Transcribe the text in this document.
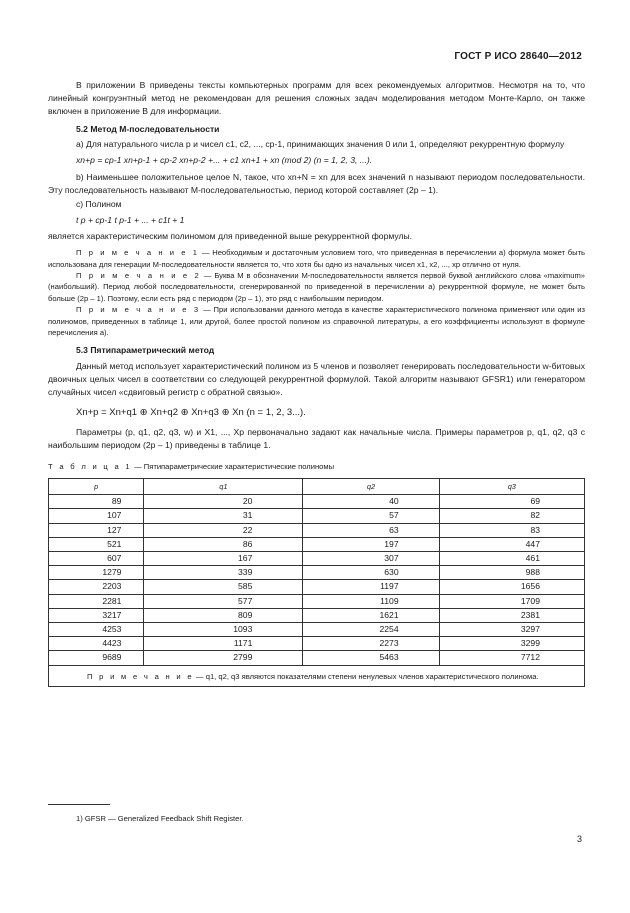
ГОСТ Р ИСО 28640—2012

В приложении В приведены тексты компьютерных программ для всех рекомендуемых алгоритмов. Несмотря на то, что линейный конгруэнтный метод не рекомендован для решения сложных задач моделирования методом Монте-Карло, он также включен в приложение В для информации.

5.2 Метод М-последовательности

a) Для натурального числа p и чисел c1, c2, ..., cp-1, принимающих значения 0 или 1, определяют рекуррентную формулу

xn+p = cp-1 xn+p-1 + cp-2 xn+p-2 +... + c1 xn+1 + xn (mod 2) (n = 1, 2, 3, ...).

b) Наименьшее положительное целое N, такое, что xn+N = xn для всех значений n называют периодом последовательности. Эту последовательность называют М-последовательностью, период которой составляет (2p – 1).

c) Полином

t p + cp-1 t p-1 + ... + c1t + 1

является характеристическим полиномом для приведенной выше рекуррентной формулы.

П р и м е ч а н и е 1 — Необходимым и достаточным условием того, что приведенная в перечислении а) формула может быть использована для генерации М-последовательности является то, что хотя бы одно из начальных чисел x1, x2, ..., xp отлично от нуля.

П р и м е ч а н и е 2 — Буква М в обозначении М-последовательности является первой буквой английского слова «maximum» (наибольший). Период любой последовательности, сгенерированной по приведенной в перечислении а) рекуррентной формуле, не может быть больше (2p – 1). Поэтому, если есть ряд с периодом (2p – 1), это ряд с наибольшим периодом.

П р и м е ч а н и е 3 — При использовании данного метода в качестве характеристического полинома применяют или один из полиномов, приведенных в таблице 1, или другой, более простой полином из справочной литературы, а его коэффициенты используют в формуле перечисления а).

5.3 Пятипараметрический метод

Данный метод использует характеристический полином из 5 членов и позволяет генерировать последовательности w-битовых двоичных целых чисел в соответствии со следующей рекуррентной формулой. Такой алгоритм называют GFSR1) или генератором случайных чисел «сдвиговый регистр с обратной связью».

Xn+p = Xn+q1 ⊕ Xn+q2 ⊕ Xn+q3 ⊕ Xn (n = 1, 2, 3...).

Параметры (p, q1, q2, q3, w) и X1, ..., Xp первоначально задают как начальные числа. Примеры параметров p, q1, q2, q3 с наибольшим периодом (2p – 1) приведены в таблице 1.

Т а б л и ц а 1 — Пятипараметрические характеристические полиномы
p	q1	q2	q3
89	20	40	69
107	31	57	82
127	22	63	83
521	86	197	447
607	167	307	461
1279	339	630	988
2203	585	1197	1656
2281	577	1109	1709
3217	809	1621	2381
4253	1093	2254	3297
4423	1171	2273	3299
9689	2799	5463	7712
П р и м е ч а н и е — q1, q2, q3 являются показателями степени ненулевых членов характеристического полинома.			
1) GFSR — Generalized Feedback Shift Register.
3
